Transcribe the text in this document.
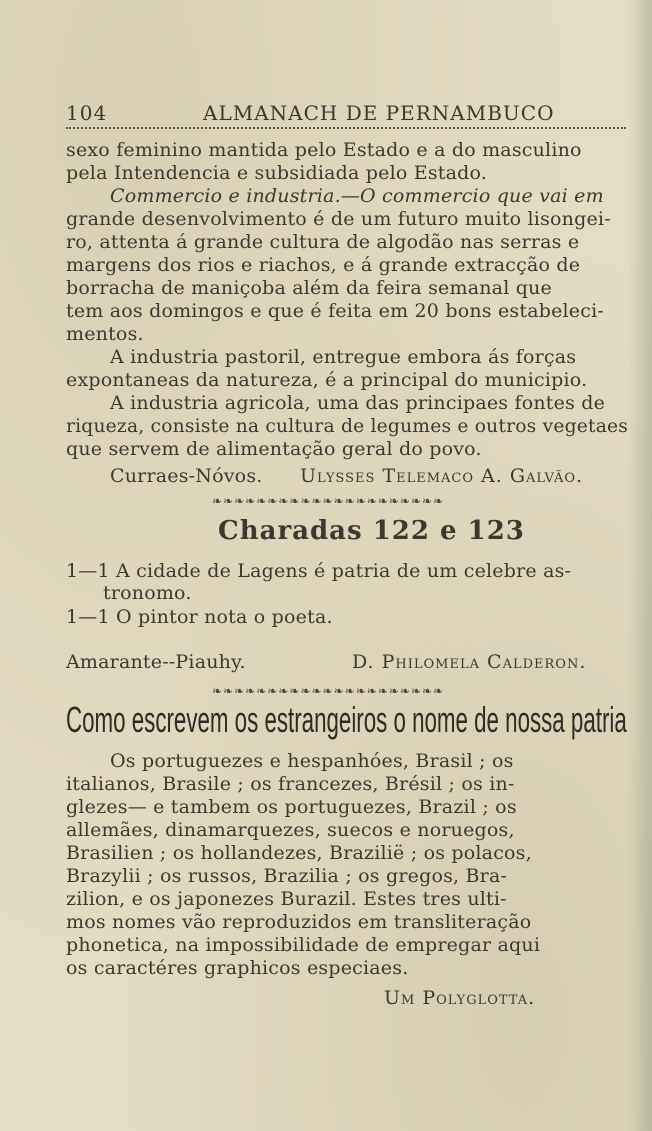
104	ALMANACH DE PERNAMBUCO
sexo feminino mantida pelo Estado e a do masculino
pela Intendencia e subsidiada pelo Estado.
Commercio e industria.—O commercio que vai em
grande desenvolvimento é de um futuro muito lisongei-
ro, attenta á grande cultura de algodão nas serras e
margens dos rios e riachos, e á grande extracção de
borracha de maniçoba além da feira semanal que
tem aos domingos e que é feita em 20 bons estabeleci-
mentos.
A industria pastoril, entregue embora ás forças
expontaneas da natureza, é a principal do municipio.
A industria agricola, uma das principaes fontes de
riqueza, consiste na cultura de legumes e outros vegetaes
que servem de alimentação geral do povo.
Curraes-Nóvos. Ulysses Telemaco A. Galvão.
❧❧❧❧❧❧❧❧❧❧❧❧❧❧❧❧❧❧❧❧❧
Charadas 122 e 123
1—1 A cidade de Lagens é patria de um celebre as-
tronomo.
1—1 O pintor nota o poeta.
Amarante--Piauhy.	D. Philomela Calderon.
❧❧❧❧❧❧❧❧❧❧❧❧❧❧❧❧❧❧❧❧❧
Como escrevem os estrangeiros o nome de nossa patria
Os portuguezes e hespanhóes, Brasil ; os
italianos, Brasile ; os francezes, Brésil ; os in-
glezes— e tambem os portuguezes, Brazil ; os
allemães, dinamarquezes, suecos e noruegos,
Brasilien ; os hollandezes, Brazilië ; os polacos,
Brazylii ; os russos, Brazilia ; os gregos, Bra-
zilion, e os japonezes Burazil. Estes tres ulti-
mos nomes vão reproduzidos em transliteração
phonetica, na impossibilidade de empregar aqui
os caractéres graphicos especiaes.
Um Polyglotta.
